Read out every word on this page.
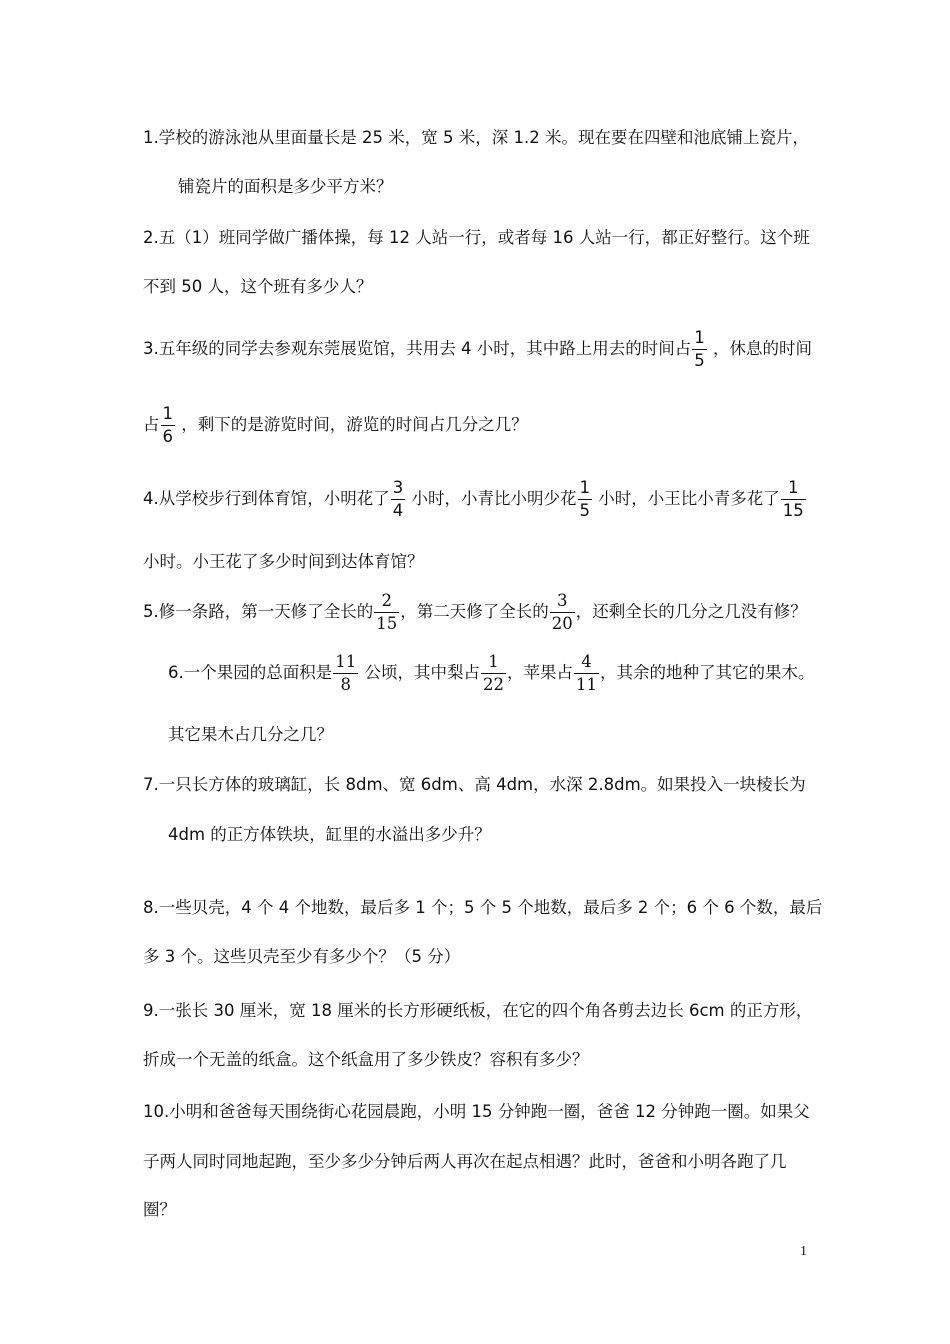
1.学校的游泳池从里面量长是 25 米，宽 5 米，深 1.2 米。现在要在四壁和池底铺上瓷片，
铺瓷片的面积是多少平方米？
2.五（1）班同学做广播体操，每 12 人站一行，或者每 16 人站一行，都正好整行。这个班
不到 50 人，这个班有多少人？
3.五年级的同学去参观东莞展览馆，共用去 4 小时，其中路上用去的时间占 $\frac{1}{5}$ ，休息的时间
占 $\frac{1}{6}$ ，剩下的是游览时间，游览的时间占几分之几？
4.从学校步行到体育馆，小明花了 $\frac{3}{4}$ 小时，小青比小明少花 $\frac{1}{5}$ 小时，小王比小青多花了 $\frac{1}{15}$
小时。小王花了多少时间到达体育馆？
5.修一条路，第一天修了全长的 $\frac{2}{15}$ ，第二天修了全长的 $\frac{3}{20}$ ，还剩全长的几分之几没有修？
6.一个果园的总面积是 $\frac{11}{8}$ 公顷，其中梨占 $\frac{1}{22}$ ，苹果占 $\frac{4}{11}$ ，其余的地种了其它的果木。
其它果木占几分之几？
7.一只长方体的玻璃缸，长 8dm、宽 6dm、高 4dm，水深 2.8dm。如果投入一块棱长为
4dm 的正方体铁块，缸里的水溢出多少升？
8.一些贝壳，4 个 4 个地数，最后多 1 个；5 个 5 个地数，最后多 2 个；6 个 6 个数，最后
多 3 个。这些贝壳至少有多少个？（5 分）
9.一张长 30 厘米，宽 18 厘米的长方形硬纸板，在它的四个角各剪去边长 6cm 的正方形，
折成一个无盖的纸盒。这个纸盒用了多少铁皮？容积有多少？
10.小明和爸爸每天围绕街心花园晨跑，小明 15 分钟跑一圈，爸爸 12 分钟跑一圈。如果父
子两人同时同地起跑，至少多少分钟后两人再次在起点相遇？此时，爸爸和小明各跑了几
圈？
1
